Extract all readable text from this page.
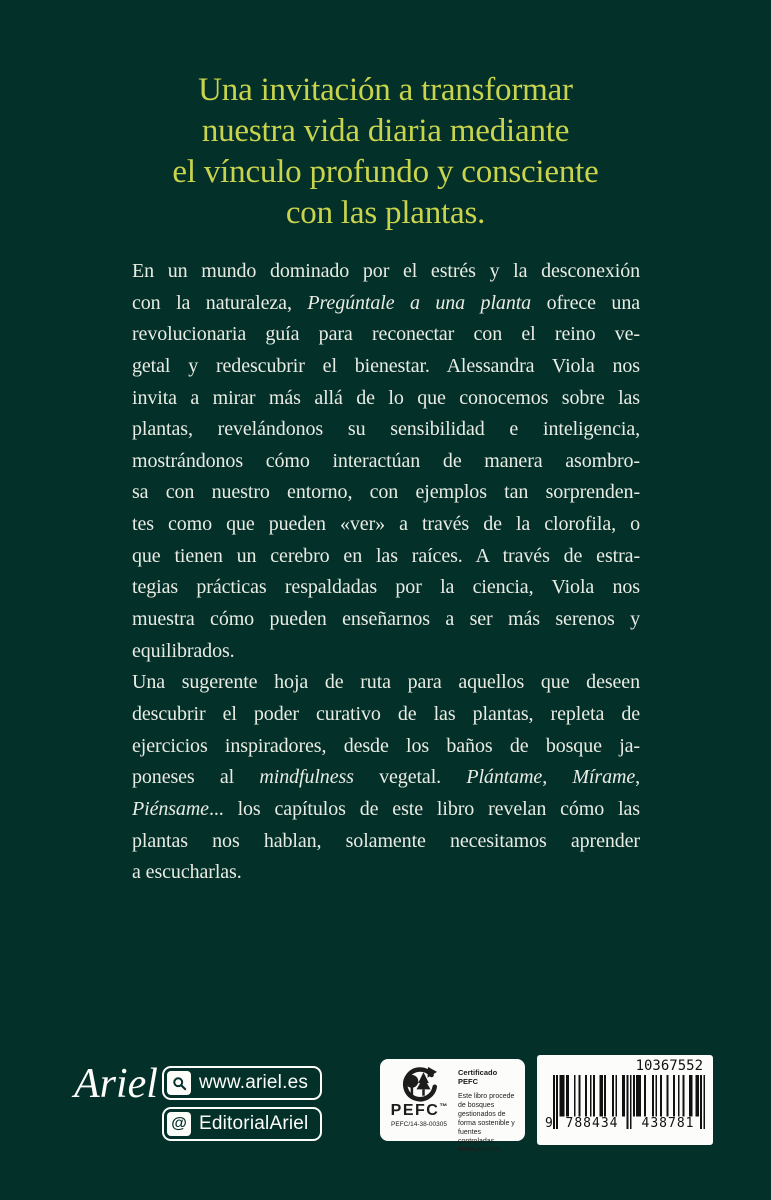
Una invitación a transformar
nuestra vida diaria mediante
el vínculo profundo y consciente
con las plantas.
En un mundo dominado por el estrés y la desconexión
con la naturaleza, Pregúntale a una planta ofrece una
revolucionaria guía para reconectar con el reino ve-
getal y redescubrir el bienestar. Alessandra Viola nos
invita a mirar más allá de lo que conocemos sobre las
plantas, revelándonos su sensibilidad e inteligencia,
mostrándonos cómo interactúan de manera asombro-
sa con nuestro entorno, con ejemplos tan sorprenden-
tes como que pueden «ver» a través de la clorofila, o
que tienen un cerebro en las raíces. A través de estra-
tegias prácticas respaldadas por la ciencia, Viola nos
muestra cómo pueden enseñarnos a ser más serenos y
equilibrados.
Una sugerente hoja de ruta para aquellos que deseen
descubrir el poder curativo de las plantas, repleta de
ejercicios inspiradores, desde los baños de bosque ja-
poneses al mindfulness vegetal. Plántame, Mírame,
Piénsame... los capítulos de este libro revelan cómo las
plantas nos hablan, solamente necesitamos aprender
a escucharlas.
Ariel www.ariel.es
@ EditorialAriel
PEFC™
PEFC/14-38-00305
Certificado PEFC
Este libro procede de bosques gestionados de forma sostenible y fuentes controladas
www.pefc.es
10367552
9 788434	438781
